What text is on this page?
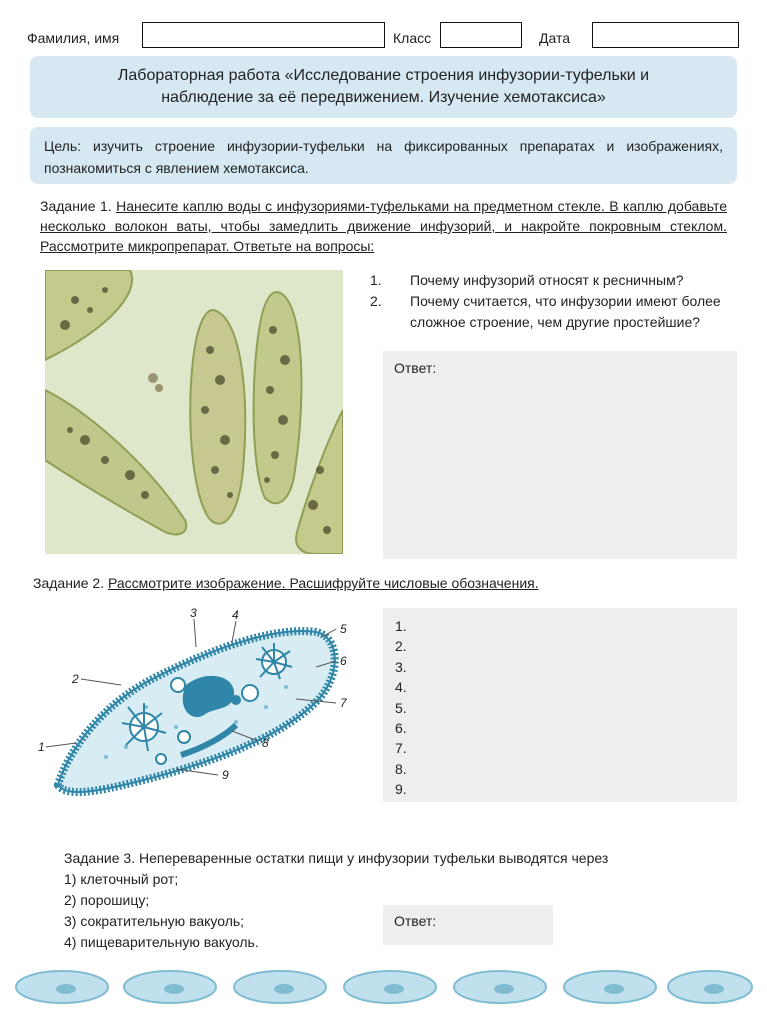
Фамилия, имя	Класс	Дата
Лабораторная работа «Исследование строения инфузории-туфельки и
наблюдение за её передвижением. Изучение хемотаксиса»
Цель: изучить строение инфузории-туфельки на фиксированных препаратах и изображениях, познакомиться с явлением хемотаксиса.
Задание 1. Нанесите каплю воды с инфузориями-туфельками на предметном стекле. В каплю добавьте несколько волокон ваты, чтобы замедлить движение инфузорий, и накройте покровным стеклом. Рассмотрите микропрепарат. Ответьте на вопросы:
1. Почему инфузорий относят к ресничным?
2. Почему считается, что инфузории имеют более сложное строение, чем другие простейшие?
Ответ:
Задание 2. Рассмотрите изображение. Расшифруйте числовые обозначения.
1
2
3	4
5
6
7
8
9
1.
2.
3.
4.
5.
6.
7.
8.
9.
Задание 3. Непереваренные остатки пищи у инфузории туфельки выводятся через
1) клеточный рот;
2) порошицу;
3) сократительную вакуоль;
4) пищеварительную вакуоль.
Ответ:
